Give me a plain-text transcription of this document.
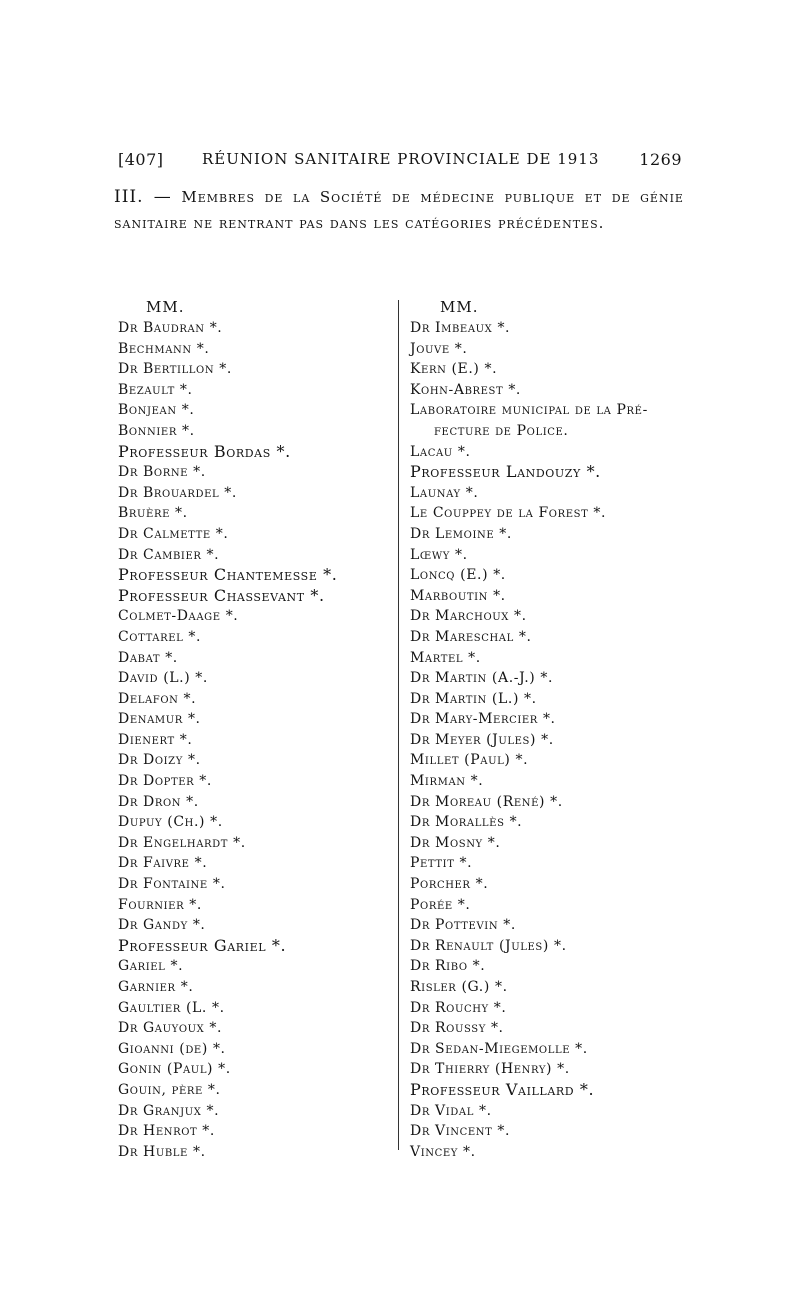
[407]	RÉUNION SANITAIRE PROVINCIALE DE 1913 1269
III. — Membres de la Société de médecine publique et de génie sanitaire ne rentrant pas dans les catégories précédentes.
MM.
Dr Baudran *.
Bechmann *.
Dr Bertillon *.
Bezault *.
Bonjean *.
Bonnier *.
Professeur Bordas *.
Dr Borne *.
Dr Brouardel *.
Bruère *.
Dr Calmette *.
Dr Cambier *.
Professeur Chantemesse *.
Professeur Chassevant *.
Colmet-Daage *.
Cottarel *.
Dabat *.
David (L.) *.
Delafon *.
Denamur *.
Dienert *.
Dr Doizy *.
Dr Dopter *.
Dr Dron *.
Dupuy (Ch.) *.
Dr Engelhardt *.
Dr Faivre *.
Dr Fontaine *.
Fournier *.
Dr Gandy *.
Professeur Gariel *.
Gariel *.
Garnier *.
Gaultier (L. *.
Dr Gauyoux *.
Gioanni (de) *.
Gonin (Paul) *.
Gouin, père *.
Dr Granjux *.
Dr Henrot *.
Dr Huble *.
MM.
Dr Imbeaux *.
Jouve *.
Kern (E.) *.
Kohn-Abrest *.
Laboratoire municipal de la Pré-
fecture de Police.
Lacau *.
Professeur Landouzy *.
Launay *.
Le Couppey de la Forest *.
Dr Lemoine *.
Lœwy *.
Loncq (E.) *.
Marboutin *.
Dr Marchoux *.
Dr Mareschal *.
Martel *.
Dr Martin (A.-J.) *.
Dr Martin (L.) *.
Dr Mary-Mercier *.
Dr Meyer (Jules) *.
Millet (Paul) *.
Mirman *.
Dr Moreau (René) *.
Dr Morallès *.
Dr Mosny *.
Pettit *.
Porcher *.
Porée *.
Dr Pottevin *.
Dr Renault (Jules) *.
Dr Ribo *.
Risler (G.) *.
Dr Rouchy *.
Dr Roussy *.
Dr Sedan-Miegemolle *.
Dr Thierry (Henry) *.
Professeur Vaillard *.
Dr Vidal *.
Dr Vincent *.
Vincey *.
